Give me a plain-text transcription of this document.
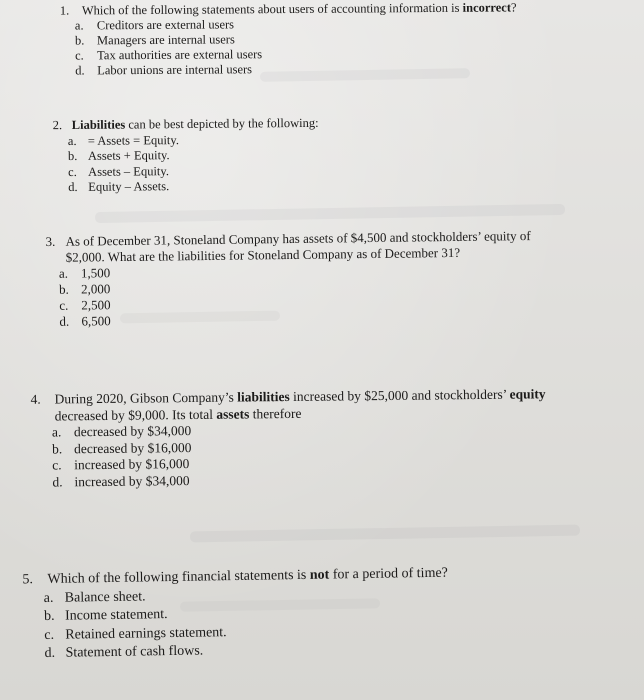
1.	Which of the following statements about users of accounting information is incorrect?
a.	Creditors are external users
b.	Managers are internal users
c.	Tax authorities are external users
d.	Labor unions are internal users
2. Liabilities can be best depicted by the following:
a. = Assets = Equity.
b. Assets + Equity.
c. Assets – Equity.
d. Equity – Assets.
3. As of December 31, Stoneland Company has assets of $4,500 and stockholders’ equity of
$2,000. What are the liabilities for Stoneland Company as of December 31?
a. 1,500
b. 2,000
c. 2,500
d. 6,500
4.	During 2020, Gibson Company’s liabilities increased by $25,000 and stockholders’ equity
decreased by $9,000. Its total assets therefore
a. decreased by $34,000
b. decreased by $16,000
c. increased by $16,000
d. increased by $34,000
5.	Which of the following financial statements is not for a period of time?
a. Balance sheet.
b. Income statement.
c. Retained earnings statement.
d. Statement of cash flows.
